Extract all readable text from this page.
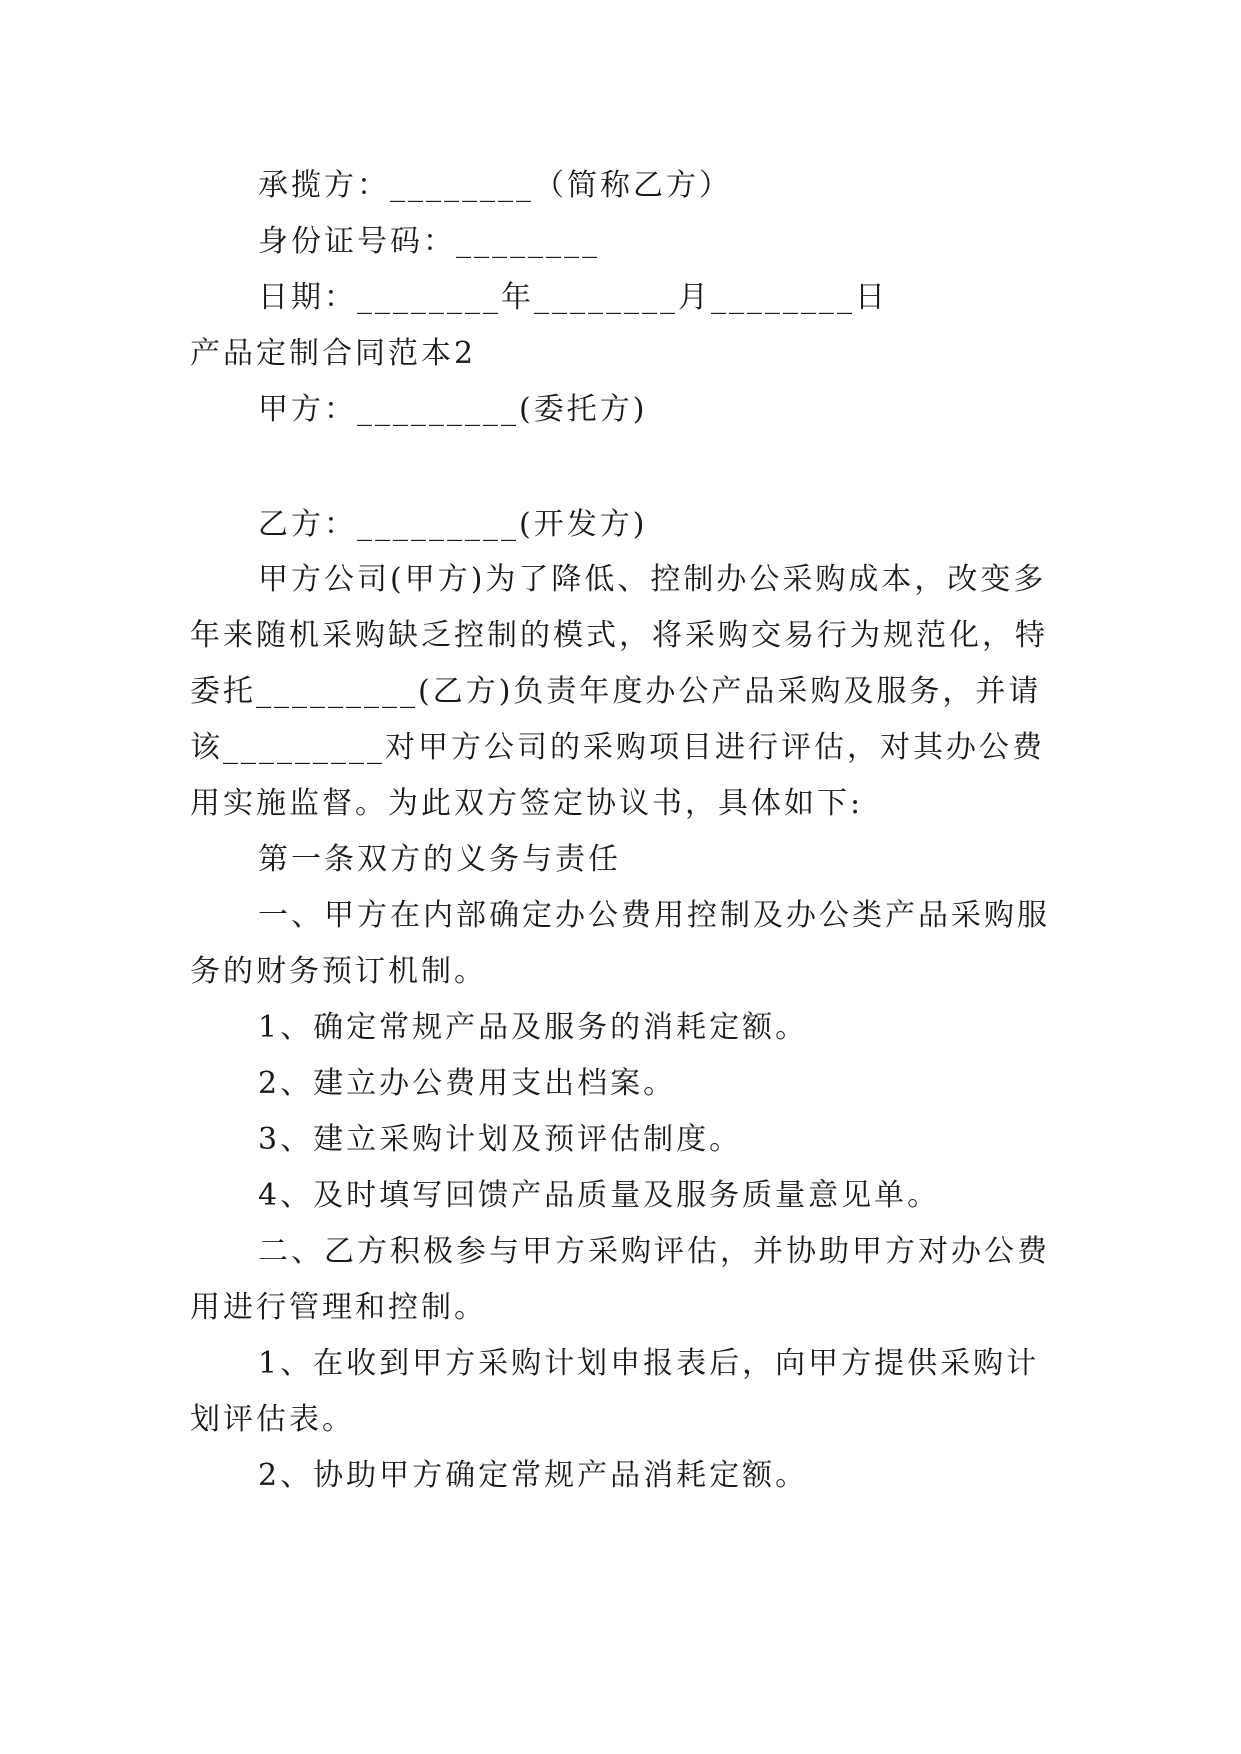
承揽方：________（简称乙方）
身份证号码：________
日期：________年________月________日
产品定制合同范本2
甲方：_________(委托方)
乙方：_________(开发方)
甲方公司(甲方)为了降低、控制办公采购成本，改变多
年来随机采购缺乏控制的模式，将采购交易行为规范化，特
委托_________(乙方)负责年度办公产品采购及服务，并请
该_________对甲方公司的采购项目进行评估，对其办公费
用实施监督。为此双方签定协议书，具体如下:
第一条双方的义务与责任
一、甲方在内部确定办公费用控制及办公类产品采购服
务的财务预订机制。
1、确定常规产品及服务的消耗定额。
2、建立办公费用支出档案。
3、建立采购计划及预评估制度。
4、及时填写回馈产品质量及服务质量意见单。
二、乙方积极参与甲方采购评估，并协助甲方对办公费
用进行管理和控制。
1、在收到甲方采购计划申报表后，向甲方提供采购计
划评估表。
2、协助甲方确定常规产品消耗定额。
